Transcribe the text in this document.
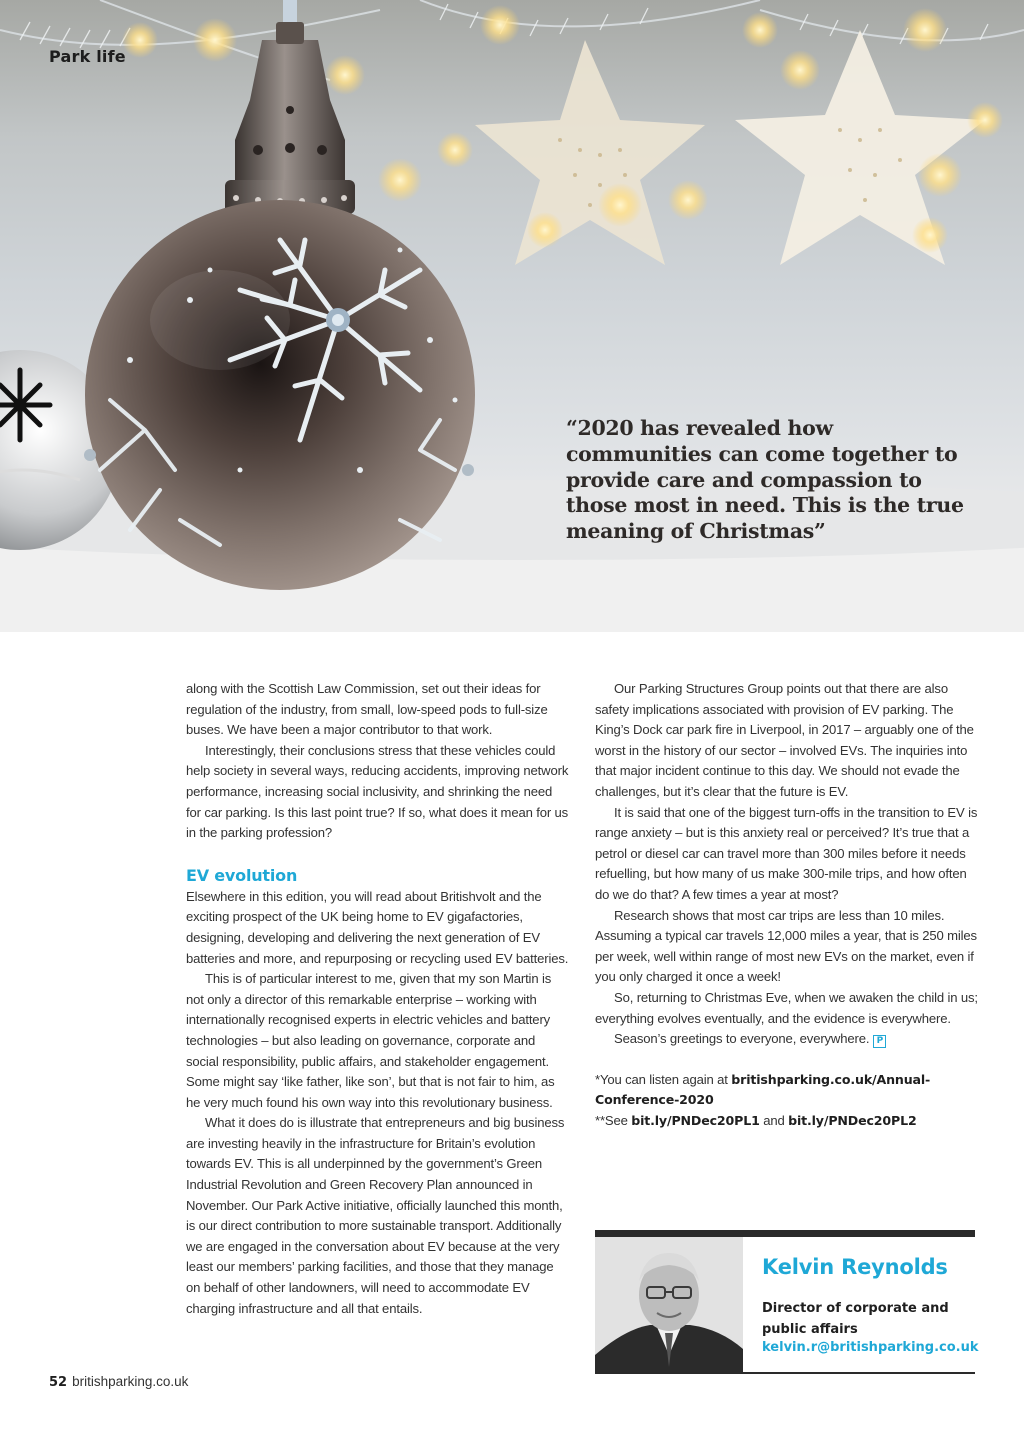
Park life
“2020 has revealed how communities can come together to provide care and compassion to those most in need. This is the true meaning of Christmas”

along with the Scottish Law Commission, set out their ideas for regulation of the industry, from small, low-speed pods to full-size buses. We have been a major contributor to that work.

Interestingly, their conclusions stress that these vehicles could help society in several ways, reducing accidents, improving network performance, increasing social inclusivity, and shrinking the need for car parking. Is this last point true? If so, what does it mean for us in the parking profession?

EV evolution

Elsewhere in this edition, you will read about Britishvolt and the exciting prospect of the UK being home to EV gigafactories, designing, developing and delivering the next generation of EV batteries and more, and repurposing or recycling used EV batteries.

This is of particular interest to me, given that my son Martin is not only a director of this remarkable enterprise – working with internationally recognised experts in electric vehicles and battery technologies – but also leading on governance, corporate and social responsibility, public affairs, and stakeholder engagement. Some might say ‘like father, like son’, but that is not fair to him, as he very much found his own way into this revolutionary business.

What it does do is illustrate that entrepreneurs and big business are investing heavily in the infrastructure for Britain’s evolution towards EV. This is all underpinned by the government’s Green Industrial Revolution and Green Recovery Plan announced in November. Our Park Active initiative, officially launched this month, is our direct contribution to more sustainable transport. Additionally we are engaged in the conversation about EV because at the very least our members’ parking facilities, and those that they manage on behalf of other landowners, will need to accommodate EV charging infrastructure and all that entails.

Our Parking Structures Group points out that there are also safety implications associated with provision of EV parking. The King’s Dock car park fire in Liverpool, in 2017 – arguably one of the worst in the history of our sector – involved EVs. The inquiries into that major incident continue to this day. We should not evade the challenges, but it’s clear that the future is EV.

It is said that one of the biggest turn-offs in the transition to EV is range anxiety – but is this anxiety real or perceived? It’s true that a petrol or diesel car can travel more than 300 miles before it needs refuelling, but how many of us make 300-mile trips, and how often do we do that? A few times a year at most?

Research shows that most car trips are less than 10 miles. Assuming a typical car travels 12,000 miles a year, that is 250 miles per week, well within range of most new EVs on the market, even if you only charged it once a week!

So, returning to Christmas Eve, when we awaken the child in us; everything evolves eventually, and the evidence is everywhere.

Season’s greetings to everyone, everywhere. P

*You can listen again at britishparking.co.uk/Annual-Conference-2020

**See bit.ly/PNDec20PL1 and bit.ly/PNDec20PL2

Kelvin Reynolds
Director of corporate and public affairs
kelvin.r@britishparking.co.uk
52 britishparking.co.uk
